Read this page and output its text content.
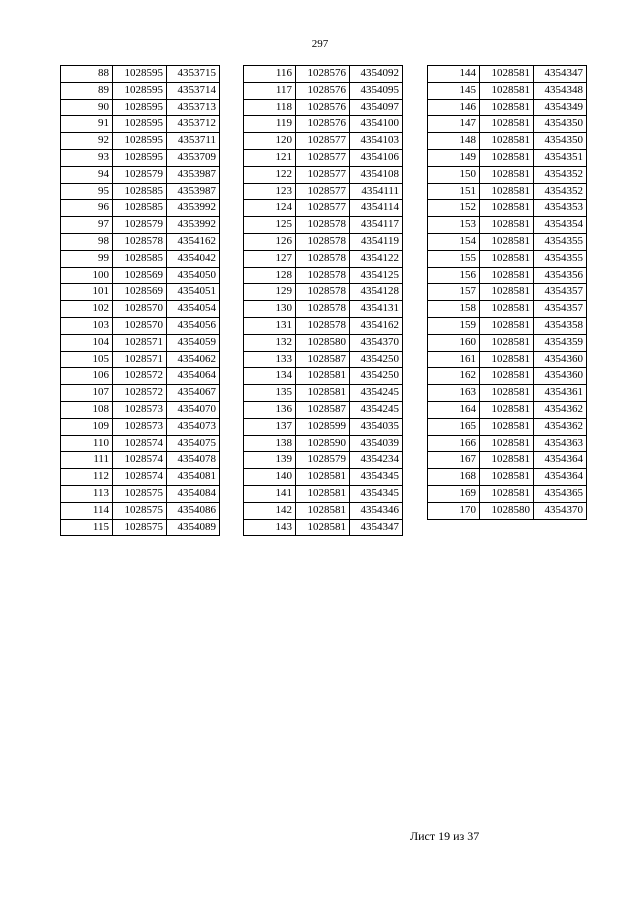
297
88	1028595	4353715
89	1028595	4353714
90	1028595	4353713
91	1028595	4353712
92	1028595	4353711
93	1028595	4353709
94	1028579	4353987
95	1028585	4353987
96	1028585	4353992
97	1028579	4353992
98	1028578	4354162
99	1028585	4354042
100	1028569	4354050
101	1028569	4354051
102	1028570	4354054
103	1028570	4354056
104	1028571	4354059
105	1028571	4354062
106	1028572	4354064
107	1028572	4354067
108	1028573	4354070
109	1028573	4354073
110	1028574	4354075
111	1028574	4354078
112	1028574	4354081
113	1028575	4354084
114	1028575	4354086
115	1028575	4354089
116	1028576	4354092
117	1028576	4354095
118	1028576	4354097
119	1028576	4354100
120	1028577	4354103
121	1028577	4354106
122	1028577	4354108
123	1028577	4354111
124	1028577	4354114
125	1028578	4354117
126	1028578	4354119
127	1028578	4354122
128	1028578	4354125
129	1028578	4354128
130	1028578	4354131
131	1028578	4354162
132	1028580	4354370
133	1028587	4354250
134	1028581	4354250
135	1028581	4354245
136	1028587	4354245
137	1028599	4354035
138	1028590	4354039
139	1028579	4354234
140	1028581	4354345
141	1028581	4354345
142	1028581	4354346
143	1028581	4354347
144	1028581	4354347
145	1028581	4354348
146	1028581	4354349
147	1028581	4354350
148	1028581	4354350
149	1028581	4354351
150	1028581	4354352
151	1028581	4354352
152	1028581	4354353
153	1028581	4354354
154	1028581	4354355
155	1028581	4354355
156	1028581	4354356
157	1028581	4354357
158	1028581	4354357
159	1028581	4354358
160	1028581	4354359
161	1028581	4354360
162	1028581	4354360
163	1028581	4354361
164	1028581	4354362
165	1028581	4354362
166	1028581	4354363
167	1028581	4354364
168	1028581	4354364
169	1028581	4354365
170	1028580	4354370
Лист 19 из 37
